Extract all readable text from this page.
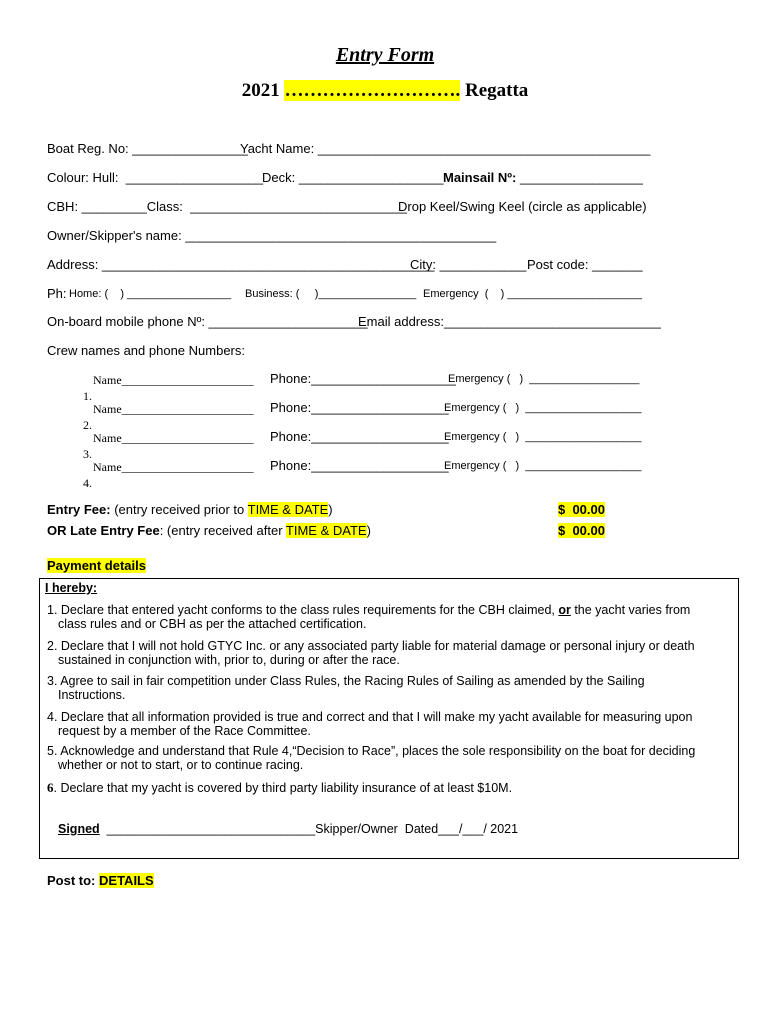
Entry Form
2021 ………………………. Regatta
Boat Reg. No: ________________
Yacht Name: ______________________________________________
Colour: Hull:  ___________________
Deck: ____________________ Mainsail Nº: _________________
CBH: _________Class:  ______________________________
Drop Keel/Swing Keel (circle as applicable)
Owner/Skipper's name: ___________________________________________
Address: ______________________________________________
City: ____________ Post code: _______
Ph: Home: (    ) _________________ Business: (     )________________ Emergency  (    ) ______________________
On-board mobile phone Nº: ______________________
Email address:______________________________
Crew names and phone Numbers:

1.

Name______________________ Phone:____________________
Emergency (   )  __________________

2.

Name______________________ Phone:___________________
Emergency (   )  ___________________

3.

Name______________________ Phone:___________________
Emergency (   )  ___________________

4.

Name______________________ Phone:___________________
Emergency (   )  ___________________
Entry Fee: (entry received prior to TIME & DATE)	$  00.00
OR Late Entry Fee: (entry received after TIME & DATE)	$  00.00
Payment details
I hereby:
1. Declare that entered yacht conforms to the class rules requirements for the CBH claimed, or the yacht varies from
class rules and or CBH as per the attached certification.
2. Declare that I will not hold GTYC Inc. or any associated party liable for material damage or personal injury or death
sustained in conjunction with, prior to, during or after the race.
3. Agree to sail in fair competition under Class Rules, the Racing Rules of Sailing as amended by the Sailing
Instructions.
4. Declare that all information provided is true and correct and that I will make my yacht available for measuring upon
request by a member of the Race Committee.
5. Acknowledge and understand that Rule 4,“Decision to Race”, places the sole responsibility on the boat for deciding
whether or not to start, or to continue racing.
6. Declare that my yacht is covered by third party liability insurance of at least $10M.
Signed  ______________________________Skipper/Owner  Dated___/___/ 2021
Post to: DETAILS
